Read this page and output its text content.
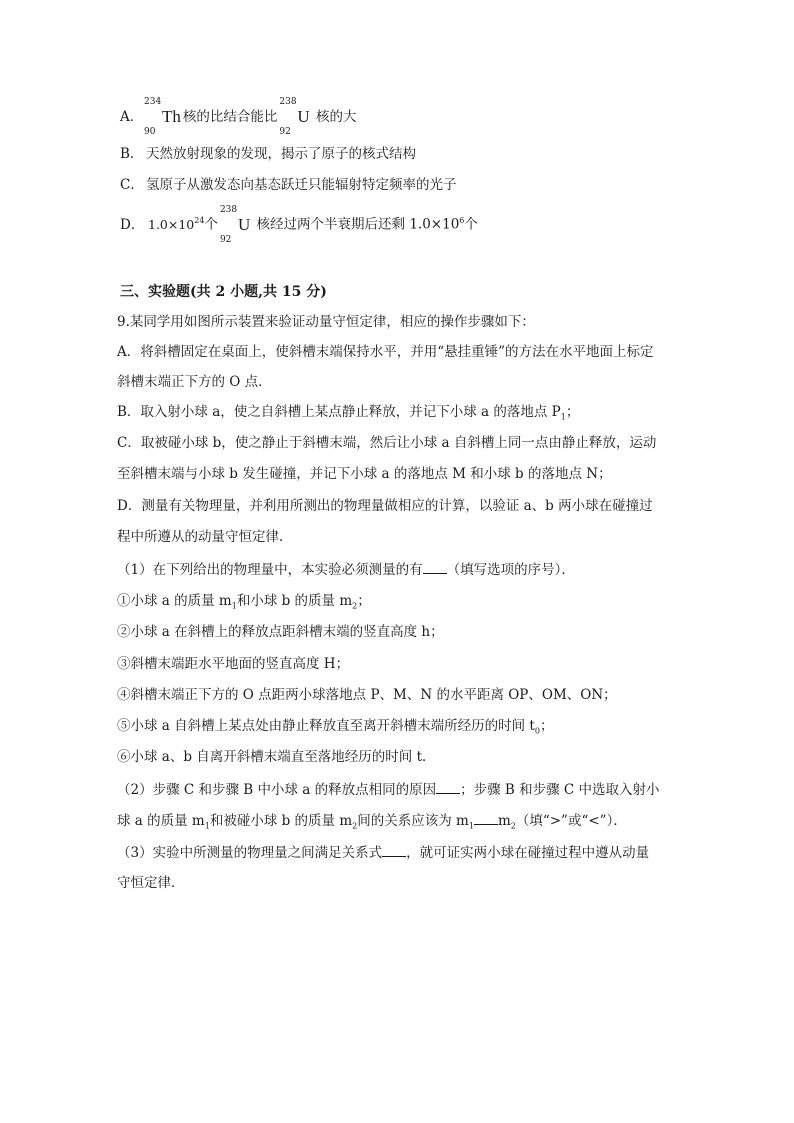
A．
234
90
Th 核的比结合能比
238
92
U 核的大
B． 天然放射现象的发现，揭示了原子的核式结构
C． 氢原子从激发态向基态跃迁只能辐射特定频率的光子
D． $1.0\times 10^{24}$个
238
92
U 核经过两个半衰期后还剩 $1.0\times 10^6$个
三、实验题(共 2 小题,共 15 分)
9.某同学用如图所示装置来验证动量守恒定律，相应的操作步骤如下：
A．将斜槽固定在桌面上，使斜槽末端保持水平，并用“悬挂重锤”的方法在水平地面上标定
斜槽末端正下方的 O 点．
B．取入射小球 a，使之自斜槽上某点静止释放，并记下小球 a 的落地点 $P_1$；
C．取被碰小球 b，使之静止于斜槽末端，然后让小球 a 自斜槽上同一点由静止释放，运动
至斜槽末端与小球 b 发生碰撞，并记下小球 a 的落地点 M 和小球 b 的落地点 N；
D．测量有关物理量，并利用所测出的物理量做相应的计算，以验证 a、b 两小球在碰撞过
程中所遵从的动量守恒定律．
（1）在下列给出的物理量中，本实验必须测量的有 （填写选项的序号）．
①小球 a 的质量 $m_1$和小球 b 的质量 $m_2$；
②小球 a 在斜槽上的释放点距斜槽末端的竖直高度 h；
③斜槽末端距水平地面的竖直高度 H；
④斜槽末端正下方的 O 点距两小球落地点 P、M、N 的水平距离 OP、OM、ON；
⑤小球 a 自斜槽上某点处由静止释放直至离开斜槽末端所经历的时间 $t_0$；
⑥小球 a、b 自离开斜槽末端直至落地经历的时间 t．
（2）步骤 C 和步骤 B 中小球 a 的释放点相同的原因 ；步骤 B 和步骤 C 中选取入射小
球 a 的质量 $m_1$和被碰小球 b 的质量 $m_2$间的关系应该为 $m_1$ $m_2$（填“>”或“<”）．
（3）实验中所测量的物理量之间满足关系式 ，就可证实两小球在碰撞过程中遵从动量
守恒定律．
